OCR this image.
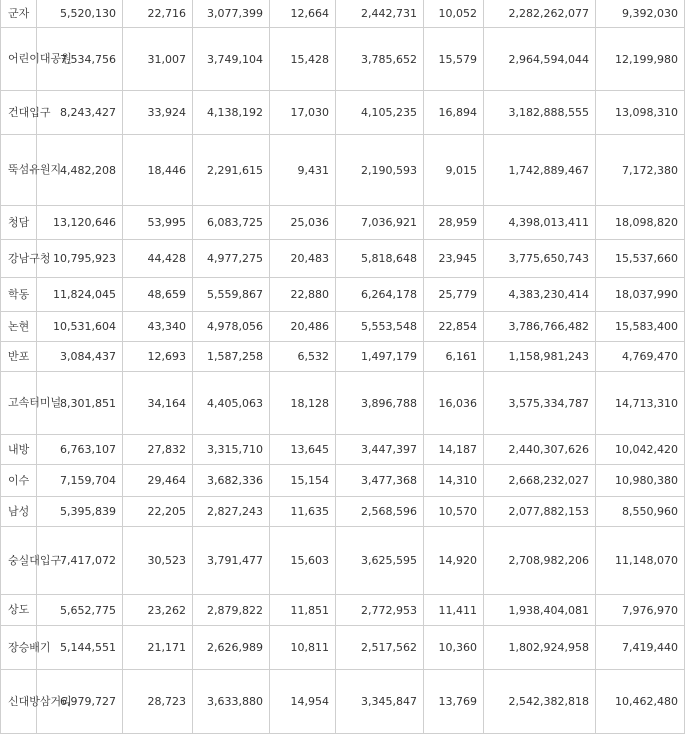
군자	5,520,130	22,716	3,077,399	12,664	2,442,731	10,052	2,282,262,077	9,392,030
어린이대공원	7,534,756	31,007	3,749,104	15,428	3,785,652	15,579	2,964,594,044	12,199,980
건대입구	8,243,427	33,924	4,138,192	17,030	4,105,235	16,894	3,182,888,555	13,098,310
뚝섬유원지	4,482,208	18,446	2,291,615	9,431	2,190,593	9,015	1,742,889,467	7,172,380
청담	13,120,646	53,995	6,083,725	25,036	7,036,921	28,959	4,398,013,411	18,098,820
강남구청	10,795,923	44,428	4,977,275	20,483	5,818,648	23,945	3,775,650,743	15,537,660
학동	11,824,045	48,659	5,559,867	22,880	6,264,178	25,779	4,383,230,414	18,037,990
논현	10,531,604	43,340	4,978,056	20,486	5,553,548	22,854	3,786,766,482	15,583,400
반포	3,084,437	12,693	1,587,258	6,532	1,497,179	6,161	1,158,981,243	4,769,470
고속터미널	8,301,851	34,164	4,405,063	18,128	3,896,788	16,036	3,575,334,787	14,713,310
내방	6,763,107	27,832	3,315,710	13,645	3,447,397	14,187	2,440,307,626	10,042,420
이수	7,159,704	29,464	3,682,336	15,154	3,477,368	14,310	2,668,232,027	10,980,380
남성	5,395,839	22,205	2,827,243	11,635	2,568,596	10,570	2,077,882,153	8,550,960
숭실대입구	7,417,072	30,523	3,791,477	15,603	3,625,595	14,920	2,708,982,206	11,148,070
상도	5,652,775	23,262	2,879,822	11,851	2,772,953	11,411	1,938,404,081	7,976,970
장승배기	5,144,551	21,171	2,626,989	10,811	2,517,562	10,360	1,802,924,958	7,419,440
신대방삼거리	6,979,727	28,723	3,633,880	14,954	3,345,847	13,769	2,542,382,818	10,462,480
